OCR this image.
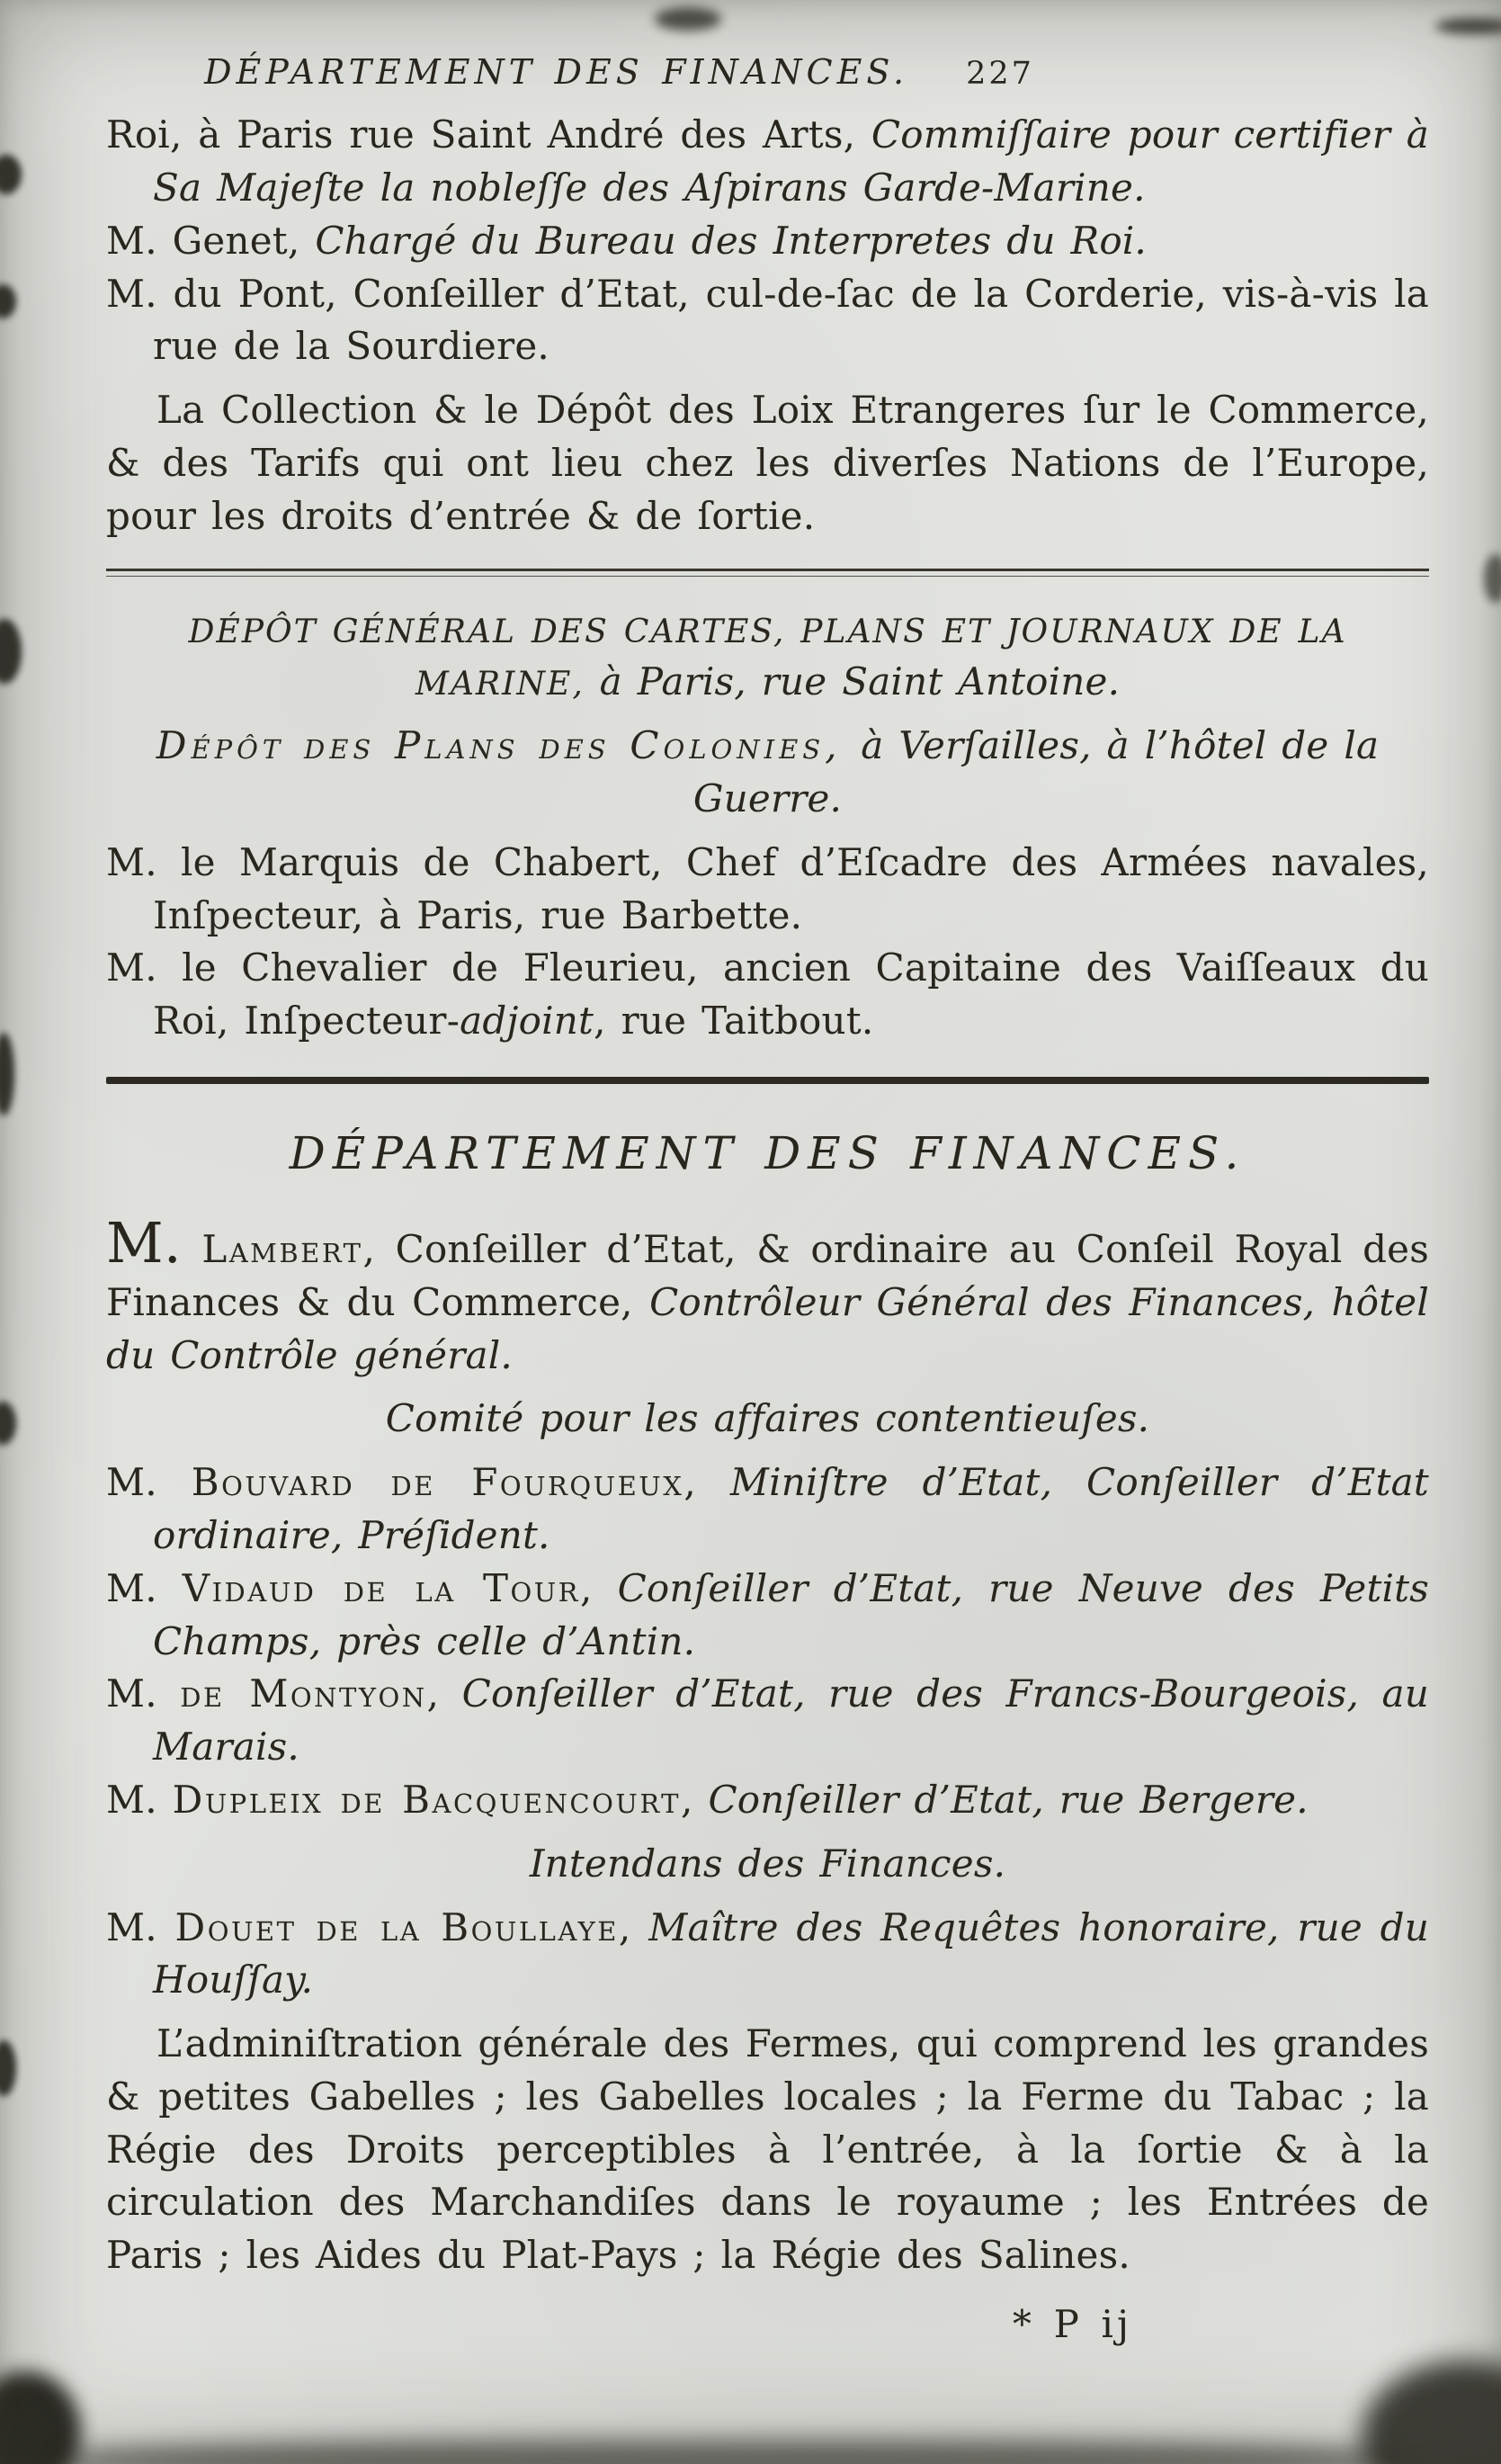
DÉPARTEMENT DES FINANCES. 227

Roi, à Paris rue Saint André des Arts, Commiſſaire pour certifier à Sa Majeſte la nobleſſe des Aſpirans Garde-Marine.

M. Genet, Chargé du Bureau des Interpretes du Roi.

M. du Pont, Conſeiller d’Etat, cul-de-ſac de la Corderie, vis-à-vis la rue de la Sourdiere.

La Collection & le Dépôt des Loix Etrangeres ſur le Commerce, & des Tarifs qui ont lieu chez les diverſes Nations de l’Europe, pour les droits d’entrée & de ſortie.

DÉPÔT GÉNÉRAL DES CARTES, PLANS ET JOURNAUX DE LA MARINE, à Paris, rue Saint Antoine.

Dépôt des Plans des Colonies, à Verſailles, à l’hôtel de la Guerre.

M. le Marquis de Chabert, Chef d’Eſcadre des Armées navales, Inſpecteur, à Paris, rue Barbette.

M. le Chevalier de Fleurieu, ancien Capitaine des Vaiſſeaux du Roi, Inſpecteur-adjoint, rue Taitbout.

DÉPARTEMENT DES FINANCES.

M. Lambert, Conſeiller d’Etat, & ordinaire au Conſeil Royal des Finances & du Commerce, Contrôleur Général des Finances, hôtel du Contrôle général.

Comité pour les affaires contentieuſes.

M. Bouvard de Fourqueux, Miniſtre d’Etat, Conſeiller d’Etat ordinaire, Préſident.

M. Vidaud de la Tour, Conſeiller d’Etat, rue Neuve des Petits Champs, près celle d’Antin.

M. de Montyon, Conſeiller d’Etat, rue des Francs-Bourgeois, au Marais.

M. Dupleix de Bacquencourt, Conſeiller d’Etat, rue Bergere.

Intendans des Finances.

M. Douet de la Boullaye, Maître des Requêtes honoraire, rue du Houſſay.

L’adminiſtration générale des Fermes, qui comprend les grandes & petites Gabelles ; les Gabelles locales ; la Ferme du Tabac ; la Régie des Droits perceptibles à l’entrée, à la ſortie & à la circulation des Marchandiſes dans le royaume ; les Entrées de Paris ; les Aides du Plat-Pays ; la Régie des Salines.

* P ij
